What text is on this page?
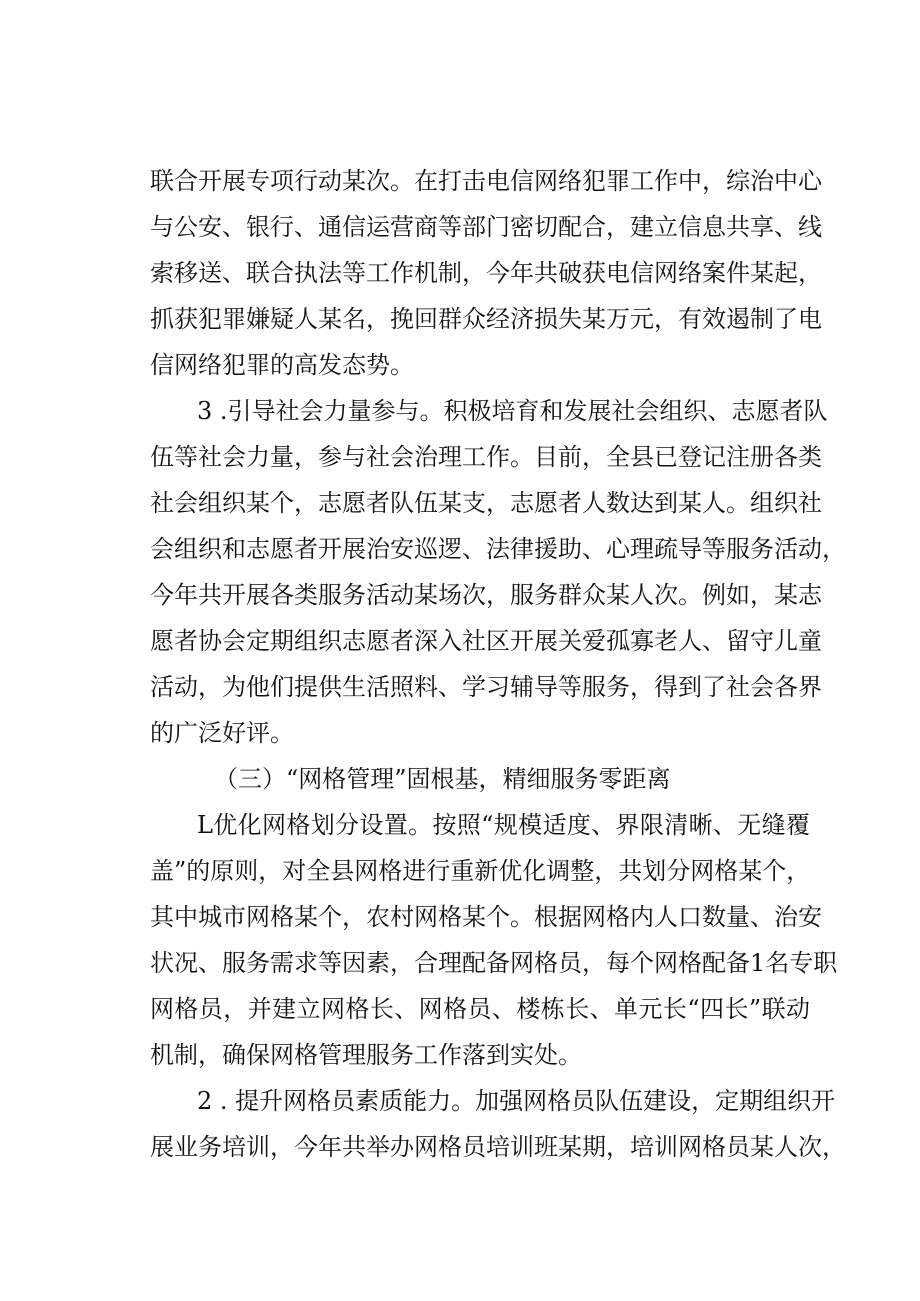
联合开展专项行动某次。在打击电信网络犯罪工作中，综治中心
与公安、银行、通信运营商等部门密切配合，建立信息共享、线
索移送、联合执法等工作机制，今年共破获电信网络案件某起，
抓获犯罪嫌疑人某名，挽回群众经济损失某万元，有效遏制了电
信网络犯罪的高发态势。
3 .引导社会力量参与。积极培育和发展社会组织、志愿者队
伍等社会力量，参与社会治理工作。目前，全县已登记注册各类
社会组织某个，志愿者队伍某支，志愿者人数达到某人。组织社
会组织和志愿者开展治安巡逻、法律援助、心理疏导等服务活动，
今年共开展各类服务活动某场次，服务群众某人次。例如，某志
愿者协会定期组织志愿者深入社区开展关爱孤寡老人、留守儿童
活动，为他们提供生活照料、学习辅导等服务，得到了社会各界
的广泛好评。
（三）“网格管理”固根基，精细服务零距离
L优化网格划分设置。按照“规模适度、界限清晰、无缝覆
盖”的原则，对全县网格进行重新优化调整，共划分网格某个，
其中城市网格某个，农村网格某个。根据网格内人口数量、治安
状况、服务需求等因素，合理配备网格员，每个网格配备1名专职
网格员，并建立网格长、网格员、楼栋长、单元长“四长”联动
机制，确保网格管理服务工作落到实处。
2 . 提升网格员素质能力。加强网格员队伍建设，定期组织开
展业务培训，今年共举办网格员培训班某期，培训网格员某人次，
